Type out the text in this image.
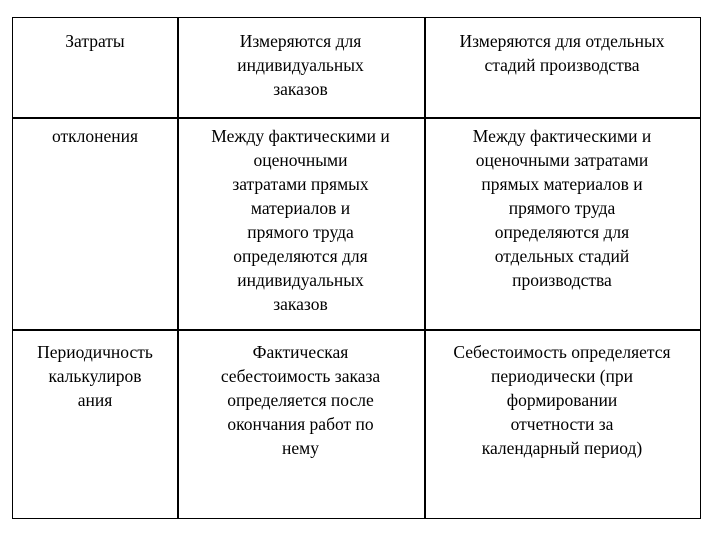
Затраты	Измеряются для
индивидуальных
заказов
Измеряются для отдельных
стадий производства
отклонения	Между фактическими и
оценочными
затратами прямых
материалов и
прямого труда
определяются для
индивидуальных
заказов
Между фактическими и
оценочными затратами
прямых материалов и
прямого труда
определяются для
отдельных стадий
производства
Периодичность
калькулиров
ания
Фактическая
себестоимость заказа
определяется после
окончания работ по
нему
Себестоимость определяется
периодически (при
формировании
отчетности за
календарный период)
